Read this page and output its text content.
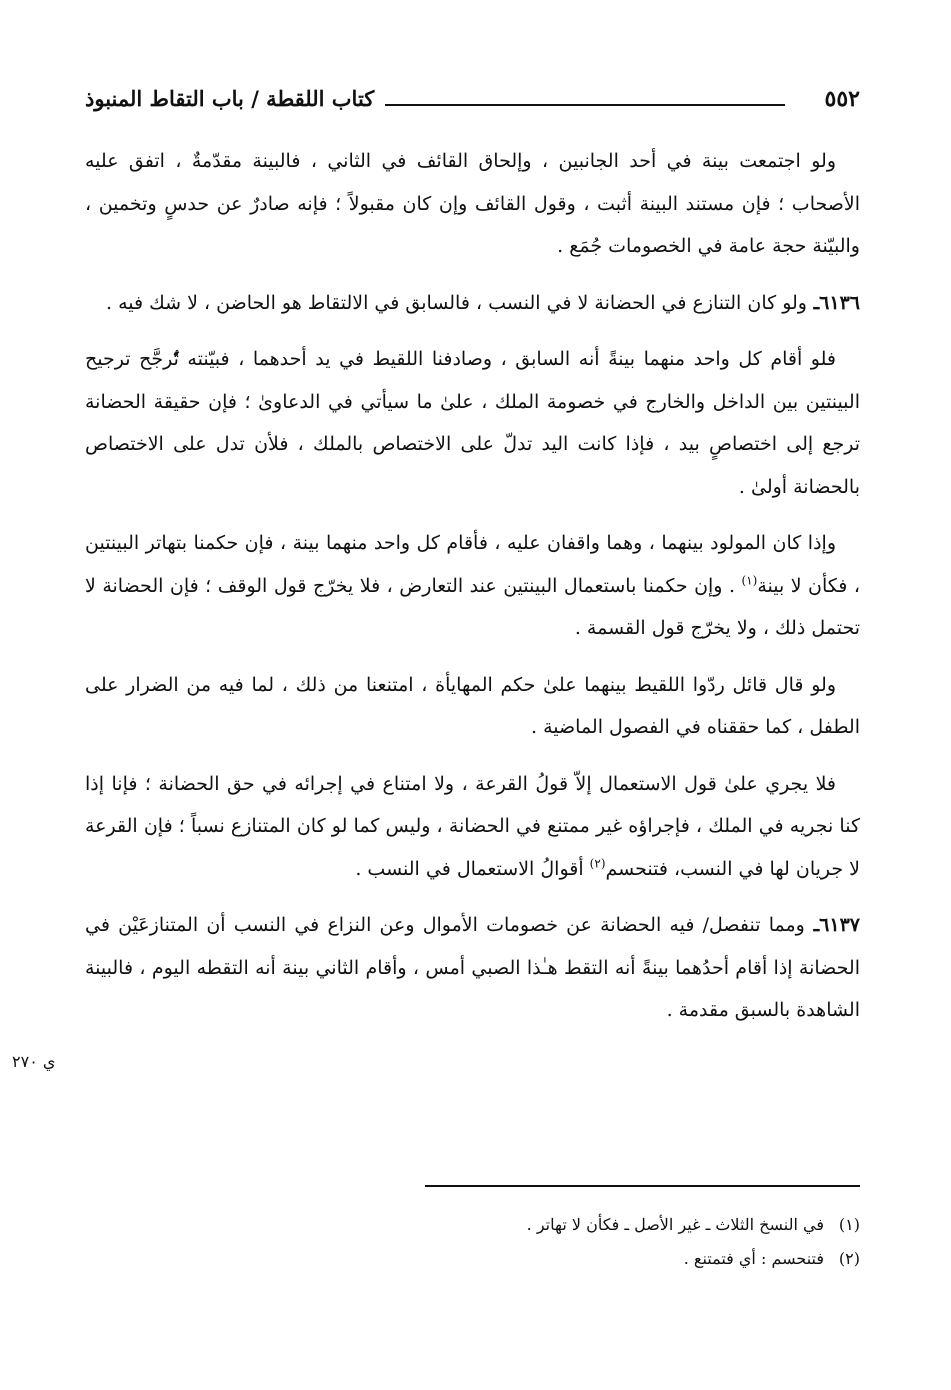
٥٥٢
كتاب اللقطة / باب التقاط المنبوذ

ولو اجتمعت بينة في أحد الجانبين ، وإلحاق القائف في الثاني ، فالبينة مقدّمةٌ ، اتفق عليه الأصحاب ؛ فإن مستند البينة أثبت ، وقول القائف وإن كان مقبولاً ؛ فإنه صادرٌ عن حدسٍ وتخمين ، والبيّنة حجة عامة في الخصومات جُمَع .

٦١٣٦ـ ولو كان التنازع في الحضانة لا في النسب ، فالسابق في الالتقاط هو الحاضن ، لا شك فيه .

فلو أقام كل واحد منهما بينةً أنه السابق ، وصادفنا اللقيط في يد أحدهما ، فبيّنته تُرجَّح ترجيح البينتين بين الداخل والخارج في خصومة الملك ، علىٰ ما سيأتي في الدعاوىٰ ؛ فإن حقيقة الحضانة ترجع إلى اختصاصٍ بيد ، فإذا كانت اليد تدلّ على الاختصاص بالملك ، فلأن تدل على الاختصاص بالحضانة أولىٰ .

وإذا كان المولود بينهما ، وهما واقفان عليه ، فأقام كل واحد منهما بينة ، فإن حكمنا بتهاتر البينتين ، فكأن لا بينة$^{(١)}$ . وإن حكمنا باستعمال البينتين عند التعارض ، فلا يخرّج قول الوقف ؛ فإن الحضانة لا تحتمل ذلك ، ولا يخرّج قول القسمة .

ولو قال قائل ردّوا اللقيط بينهما علىٰ حكم المهايأة ، امتنعنا من ذلك ، لما فيه من الضرار على الطفل ، كما حققناه في الفصول الماضية .

فلا يجري علىٰ قول الاستعمال إلاّ قولُ القرعة ، ولا امتناع في إجرائه في حق الحضانة ؛ فإنا إذا كنا نجريه في الملك ، فإجراؤه غير ممتنع في الحضانة ، وليس كما لو كان المتنازع نسباً ؛ فإن القرعة لا جريان لها في النسب، فتنحسم$^{(٢)}$ أقوالُ الاستعمال في النسب .

٦١٣٧ـ ومما تنفصل/ فيه الحضانة عن خصومات الأموال وعن النزاع في النسب أن المتنازعَيْن في الحضانة إذا أقام أحدُهما بينةً أنه التقط هـٰذا الصبي أمس ، وأقام الثاني بينة أنه التقطه اليوم ، فالبينة الشاهدة بالسبق مقدمة .

ي ٢٧٠
(١)في النسخ الثلاث ـ غير الأصل ـ فكأن لا تهاتر .
(٢)فتنحسم : أي فتمتنع .
